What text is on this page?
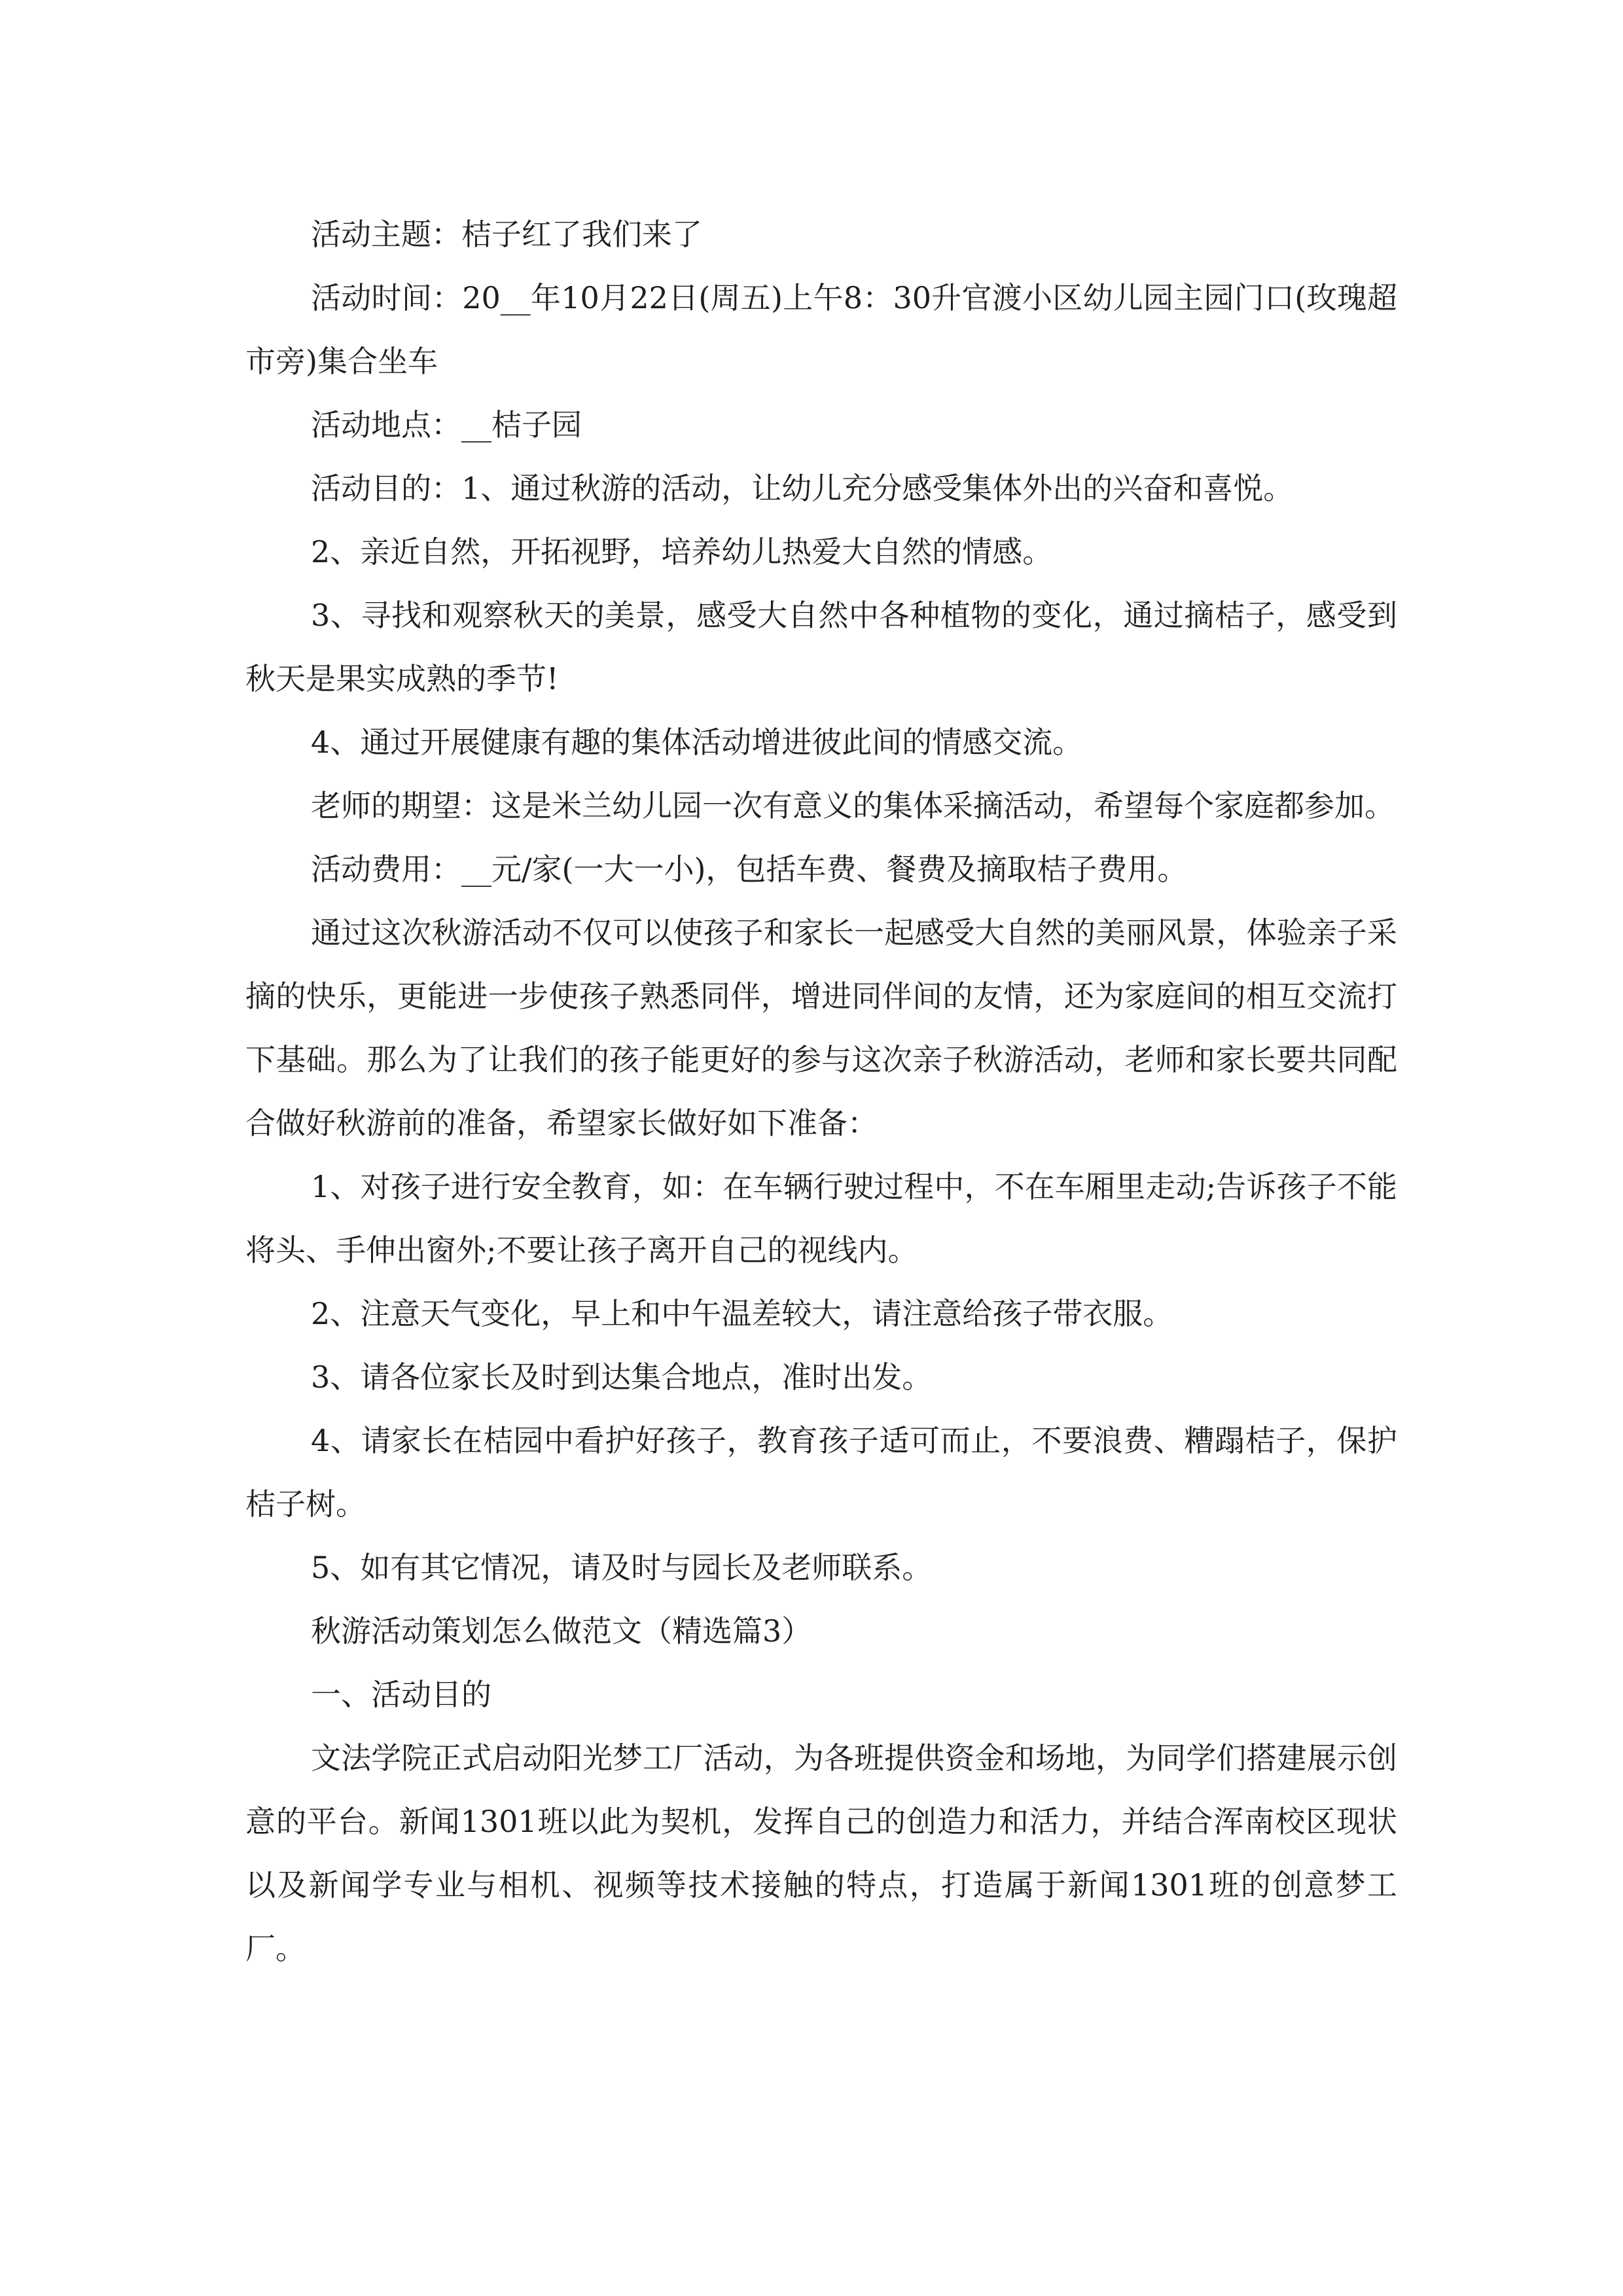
活动主题：桔子红了我们来了

活动时间：20__年10月22日(周五)上午8：30升官渡小区幼儿园主园门口(玫瑰超市旁)集合坐车

活动地点：__桔子园

活动目的：1、通过秋游的活动，让幼儿充分感受集体外出的兴奋和喜悦。

2、亲近自然，开拓视野，培养幼儿热爱大自然的情感。

3、寻找和观察秋天的美景，感受大自然中各种植物的变化，通过摘桔子，感受到秋天是果实成熟的季节!

4、通过开展健康有趣的集体活动增进彼此间的情感交流。

老师的期望：这是米兰幼儿园一次有意义的集体采摘活动，希望每个家庭都参加。

活动费用：__元/家(一大一小)，包括车费、餐费及摘取桔子费用。

通过这次秋游活动不仅可以使孩子和家长一起感受大自然的美丽风景，体验亲子采摘的快乐，更能进一步使孩子熟悉同伴，增进同伴间的友情，还为家庭间的相互交流打下基础。那么为了让我们的孩子能更好的参与这次亲子秋游活动，老师和家长要共同配合做好秋游前的准备，希望家长做好如下准备：

1、对孩子进行安全教育，如：在车辆行驶过程中，不在车厢里走动;告诉孩子不能将头、手伸出窗外;不要让孩子离开自己的视线内。

2、注意天气变化，早上和中午温差较大，请注意给孩子带衣服。

3、请各位家长及时到达集合地点，准时出发。

4、请家长在桔园中看护好孩子，教育孩子适可而止，不要浪费、糟蹋桔子，保护桔子树。

5、如有其它情况，请及时与园长及老师联系。

秋游活动策划怎么做范文（精选篇3）

一、活动目的

文法学院正式启动阳光梦工厂活动，为各班提供资金和场地，为同学们搭建展示创意的平台。新闻1301班以此为契机，发挥自己的创造力和活力，并结合浑南校区现状以及新闻学专业与相机、视频等技术接触的特点，打造属于新闻1301班的创意梦工厂。
